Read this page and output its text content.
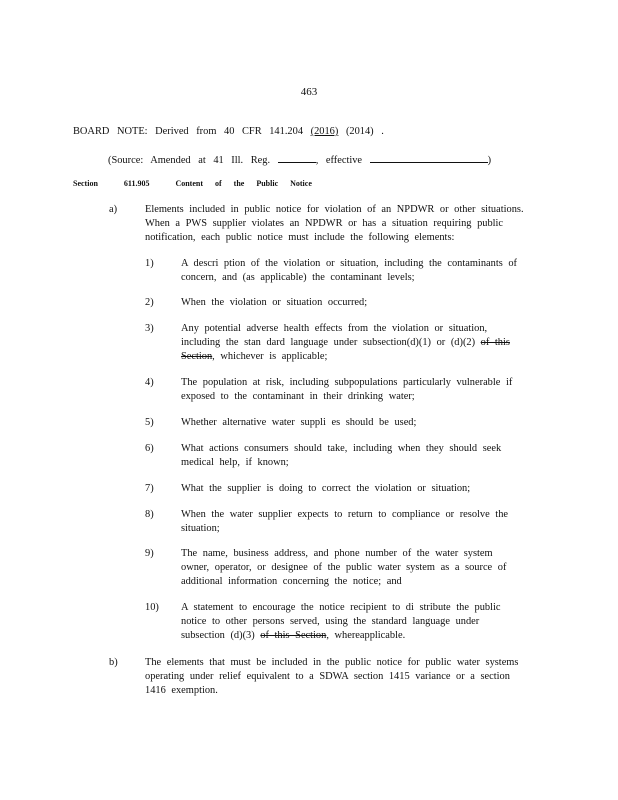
463
BOARD NOTE: Derived from 40 CFR 141.204 (2016) (2014) .
(Source: Amended at 41 Ill. Reg.	, effective	)
Section	611.905	Content of the Public Notice
a)	Elements included in public notice for violation of an NPDWR or other situations.
When a PWS supplier violates an NPDWR or has a situation requiring public
notification, each public notice must include the following elements:
1)	A descri ption of the violation or situation, including the contaminants of
concern, and (as applicable) the contaminant levels;
2)	When the violation or situation occurred;
3)	Any potential adverse health effects from the violation or situation,
including the stan dard language under subsection(d)(1) or (d)(2) of this
Section, whichever is applicable;
4)	The population at risk, including subpopulations particularly vulnerable if
exposed to the contaminant in their drinking water;
5)	Whether alternative water suppli es should be used;
6)	What actions consumers should take, including when they should seek
medical help, if known;
7)	What the supplier is doing to correct the violation or situation;
8)	When the water supplier expects to return to compliance or resolve the
situation;
9)	The name, business address, and phone number of the water system
owner, operator, or designee of the public water system as a source of
additional information concerning the notice; and
10) A statement to encourage the notice recipient to di stribute the public
notice to other persons served, using the standard language under
subsection (d)(3) of this Section, whereapplicable.
b)	The elements that must be included in the public notice for public water systems
operating under relief equivalent to a SDWA section 1415 variance or a section
1416 exemption.
